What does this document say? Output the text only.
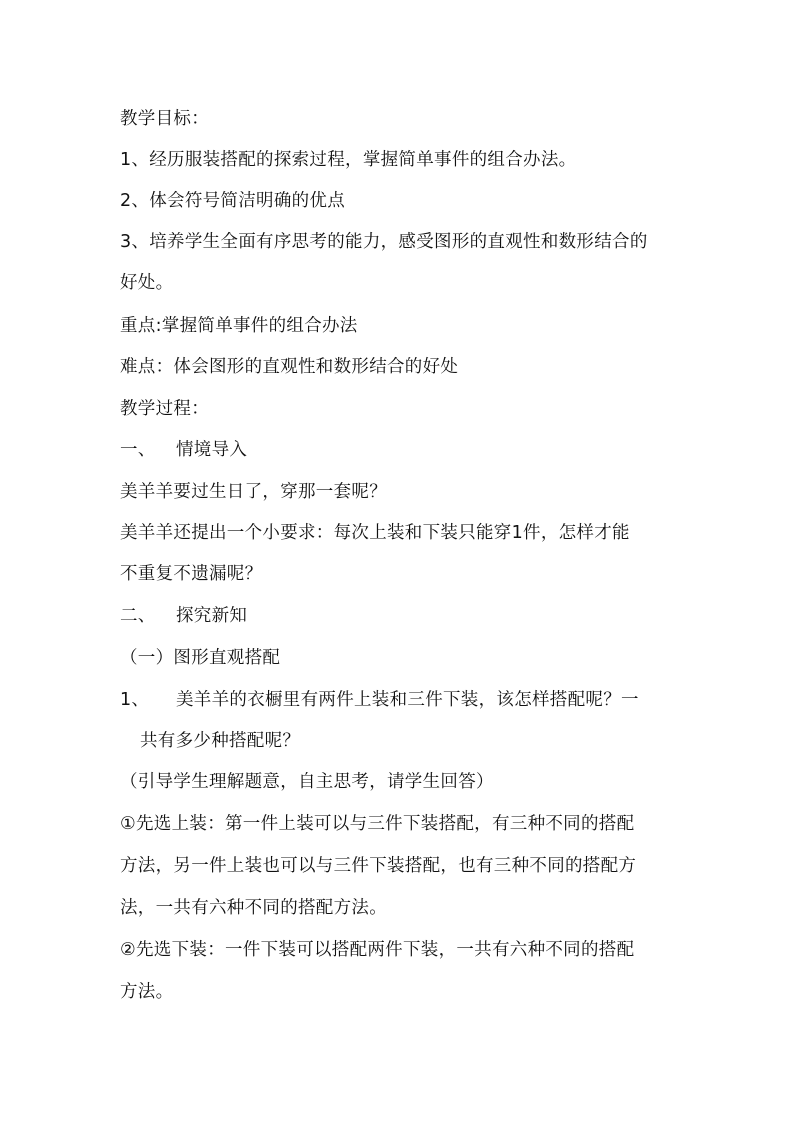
教学目标：
1、经历服装搭配的探索过程，掌握简单事件的组合办法。
2、体会符号简洁明确的优点
3、培养学生全面有序思考的能力，感受图形的直观性和数形结合的
好处。
重点:掌握简单事件的组合办法
难点：体会图形的直观性和数形结合的好处
教学过程：
一、 情境导入
美羊羊要过生日了，穿那一套呢？
美羊羊还提出一个小要求：每次上装和下装只能穿1件，怎样才能
不重复不遗漏呢？
二、 探究新知
（一）图形直观搭配
1、 美羊羊的衣橱里有两件上装和三件下装，该怎样搭配呢？一
共有多少种搭配呢？
（引导学生理解题意，自主思考，请学生回答）
①先选上装：第一件上装可以与三件下装搭配，有三种不同的搭配
方法，另一件上装也可以与三件下装搭配，也有三种不同的搭配方
法，一共有六种不同的搭配方法。
②先选下装：一件下装可以搭配两件下装，一共有六种不同的搭配
方法。
